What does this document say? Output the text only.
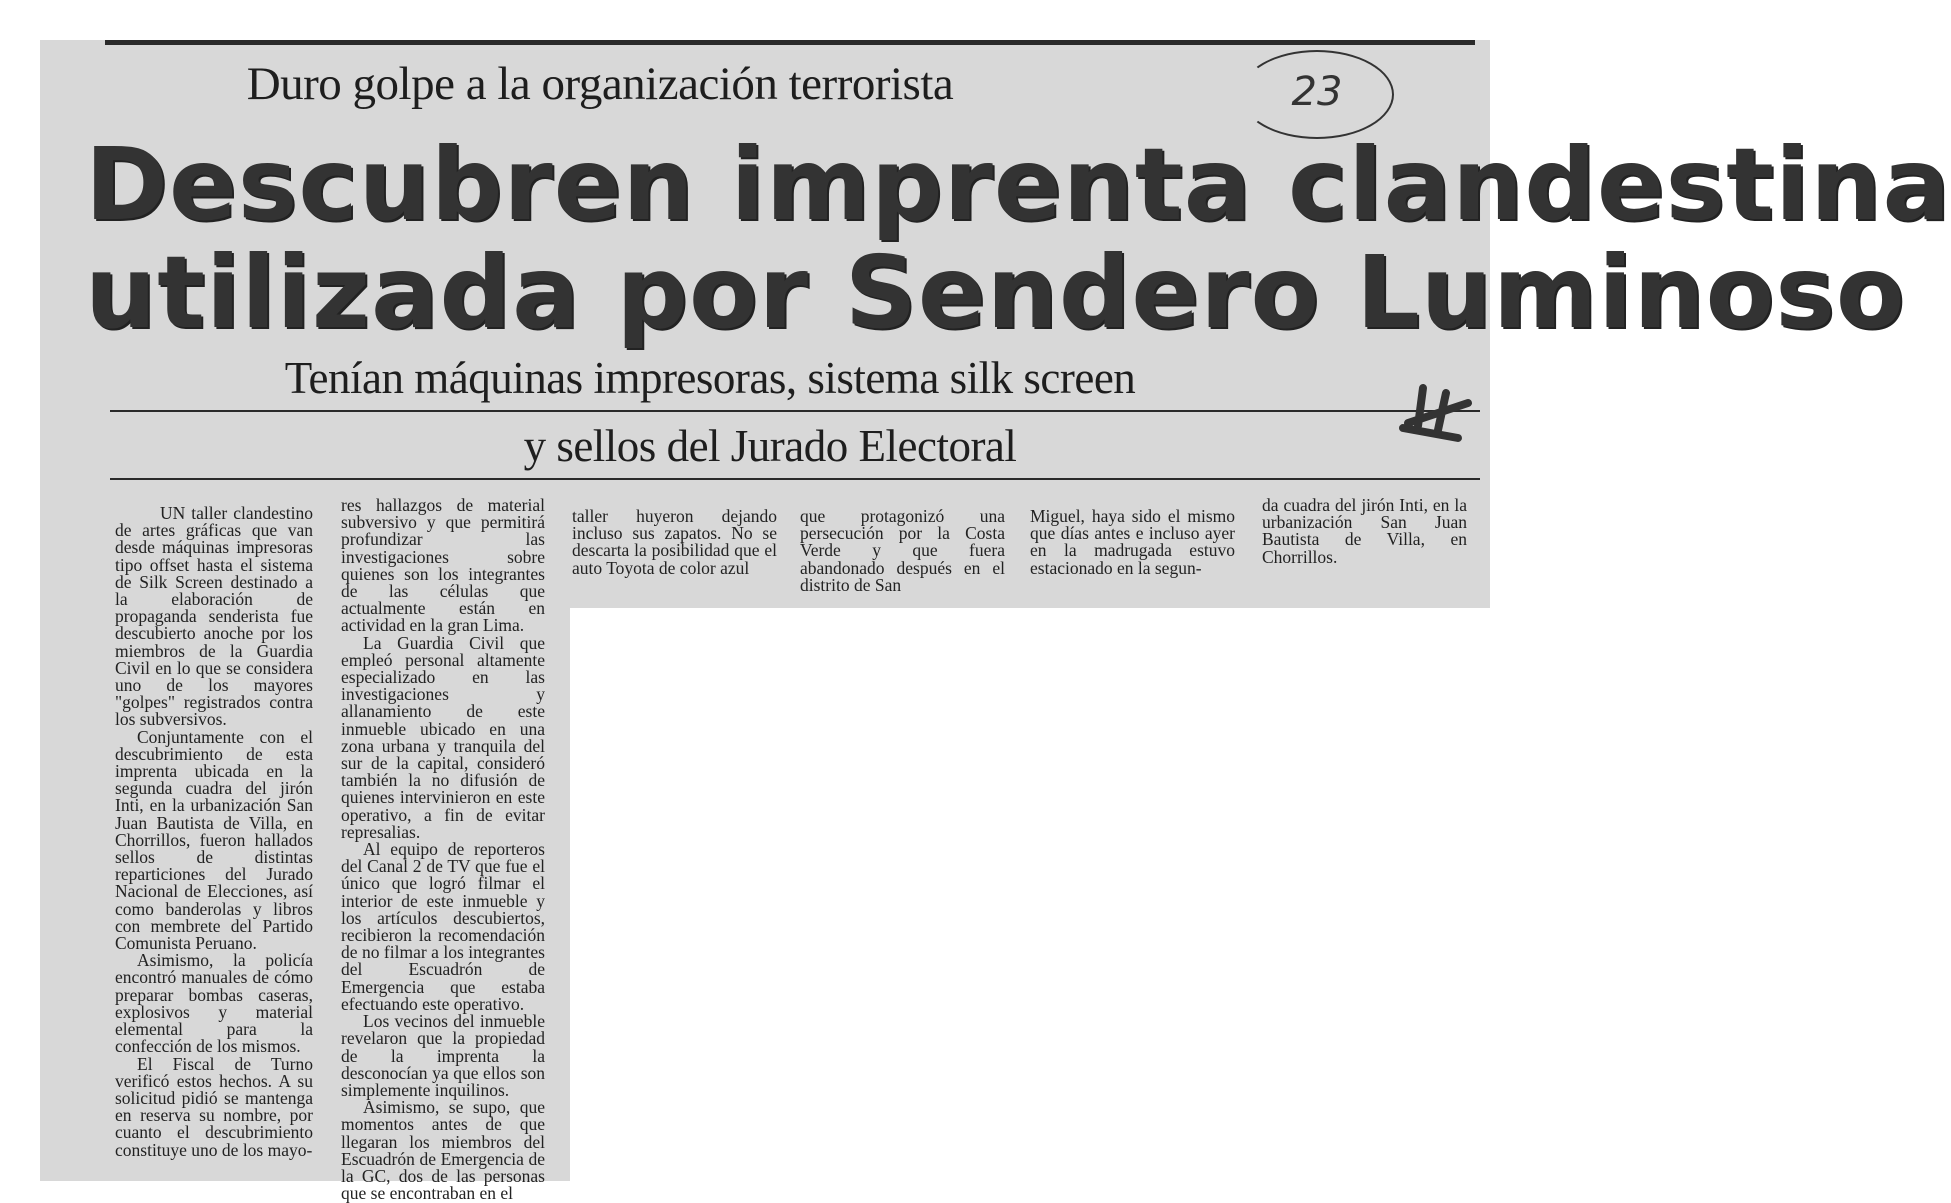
Duro golpe a la organización terrorista	23
Descubren imprenta clandestina
utilizada por Sendero Luminoso
Tenían máquinas impresoras, sistema silk screen
y sellos del Jurado Electoral

UN taller clandestino de artes gráficas que van desde máquinas impresoras tipo offset hasta el sistema de Silk Screen destinado a la elaboración de propaganda senderista fue descubierto anoche por los miembros de la Guardia Civil en lo que se considera uno de los mayores "golpes" registrados contra los subversivos.

Conjuntamente con el descubrimiento de esta imprenta ubicada en la segunda cuadra del jirón Inti, en la urbanización San Juan Bautista de Villa, en Chorrillos, fueron hallados sellos de distintas reparticiones del Jurado Nacional de Elecciones, así como banderolas y libros con membrete del Partido Comunista Peruano.

Asimismo, la policía encontró manuales de cómo preparar bombas caseras, explosivos y material elemental para la confección de los mismos.

El Fiscal de Turno verificó estos hechos. A su solicitud pidió se mantenga en reserva su nombre, por cuanto el descubrimiento constituye uno de los mayo-

res hallazgos de material subversivo y que permitirá profundizar las investigaciones sobre quienes son los integrantes de las células que actualmente están en actividad en la gran Lima.

La Guardia Civil que empleó personal altamente especializado en las investigaciones y allanamiento de este inmueble ubicado en una zona urbana y tranquila del sur de la capital, consideró también la no difusión de quienes intervinieron en este operativo, a fin de evitar represalias.

Al equipo de reporteros del Canal 2 de TV que fue el único que logró filmar el interior de este inmueble y los artículos descubiertos, recibieron la recomendación de no filmar a los integrantes del Escuadrón de Emergencia que estaba efectuando este operativo.

Los vecinos del inmueble revelaron que la propiedad de la imprenta la desconocían ya que ellos son simplemente inquilinos.

Asimismo, se supo, que momentos antes de que llegaran los miembros del Escuadrón de Emergencia de la GC, dos de las personas que se encontraban en el

taller huyeron dejando incluso sus zapatos. No se descarta la posibilidad que el auto Toyota de color azul

que protagonizó una persecución por la Costa Verde y que fuera abandonado después en el distrito de San

Miguel, haya sido el mismo que días antes e incluso ayer en la madrugada estuvo estacionado en la segun-

da cuadra del jirón Inti, en la urbanización San Juan Bautista de Villa, en Chorrillos.
